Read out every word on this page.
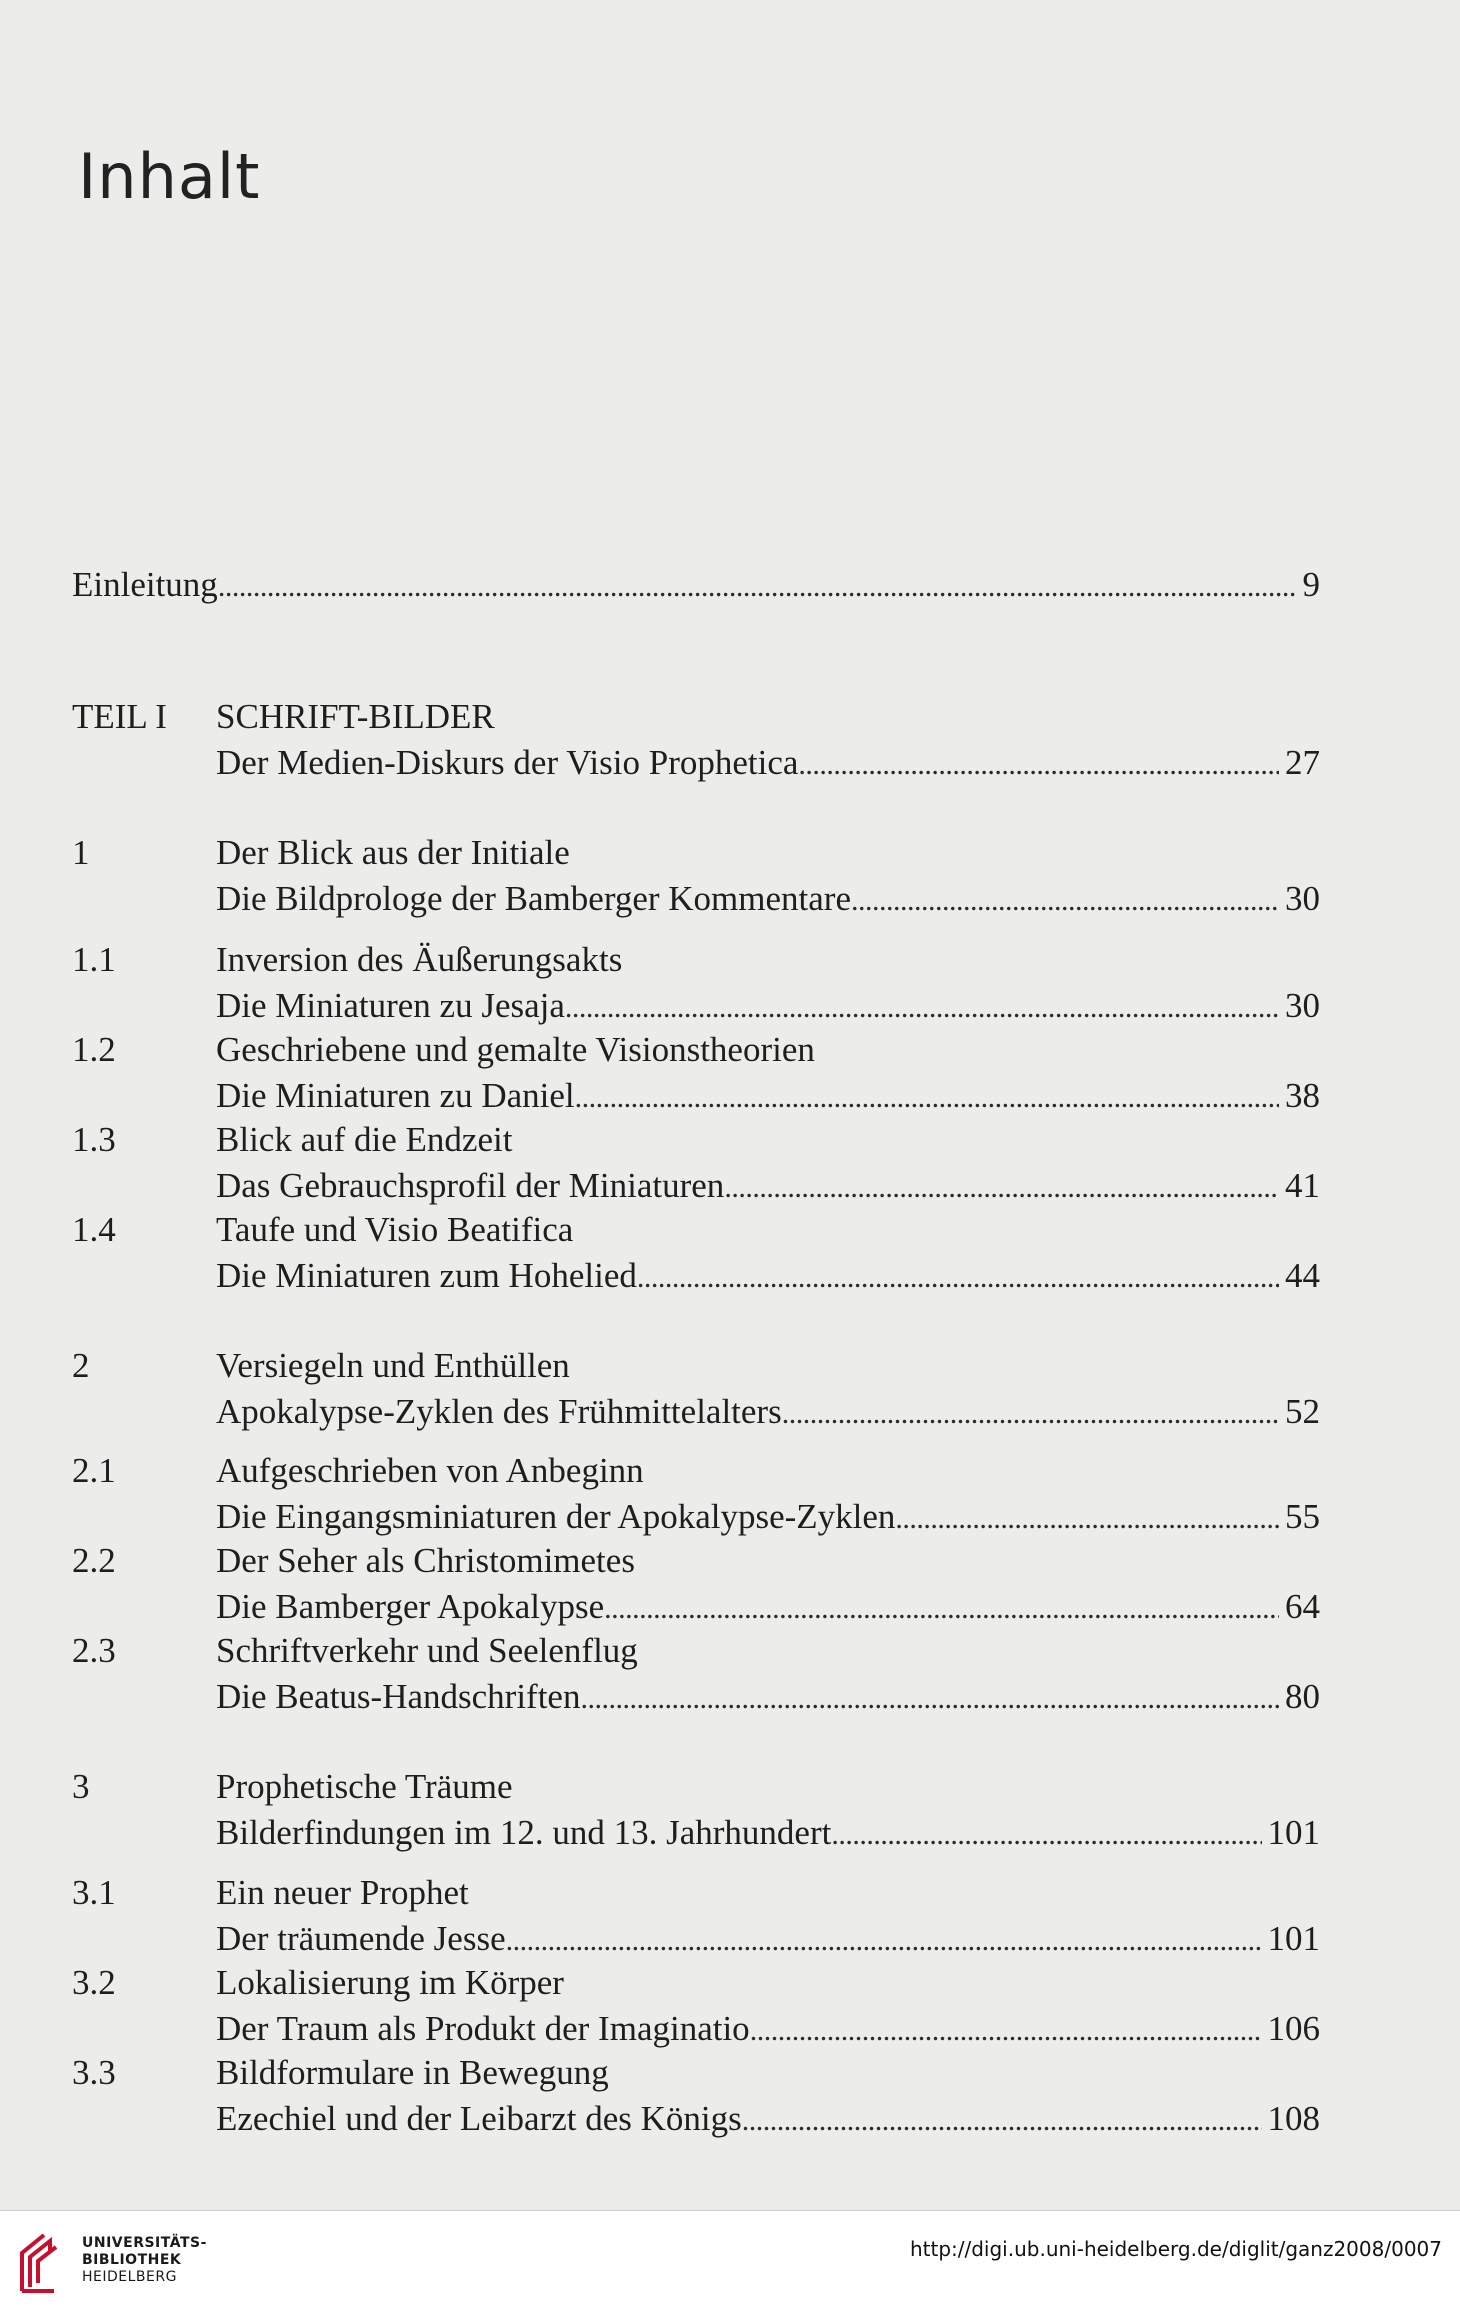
Inhalt
Einleitung . . .	9
TEIL I SCHRIFT-BILDER
Der Medien-Diskurs der Visio Prophetica . . .	27
1	Der Blick aus der Initiale
Die Bildprologe der Bamberger Kommentare . . .	30
1.1	Inversion des Äußerungsakts
Die Miniaturen zu Jesaja . . .	30
1.2	Geschriebene und gemalte Visionstheorien
Die Miniaturen zu Daniel . . .	38
1.3	Blick auf die Endzeit
Das Gebrauchsprofil der Miniaturen . . .	41
1.4	Taufe und Visio Beatifica
Die Miniaturen zum Hohelied . . .	44
2	Versiegeln und Enthüllen
Apokalypse-Zyklen des Frühmittelalters . . .	52
2.1	Aufgeschrieben von Anbeginn
Die Eingangsminiaturen der Apokalypse-Zyklen . . .	55
2.2	Der Seher als Christomimetes
Die Bamberger Apokalypse . . .	64
2.3	Schriftverkehr und Seelenflug
Die Beatus-Handschriften . . .	80
3	Prophetische Träume
Bilderfindungen im 12. und 13. Jahrhundert . . .	101
3.1	Ein neuer Prophet
Der träumende Jesse . . .	101
3.2	Lokalisierung im Körper
Der Traum als Produkt der Imaginatio . . .	106
3.3	Bildformulare in Bewegung
Ezechiel und der Leibarzt des Königs . . .	108
UNIVERSITÄTS-
BIBLIOTHEK
HEIDELBERG
http://digi.ub.uni-heidelberg.de/diglit/ganz2008/0007
